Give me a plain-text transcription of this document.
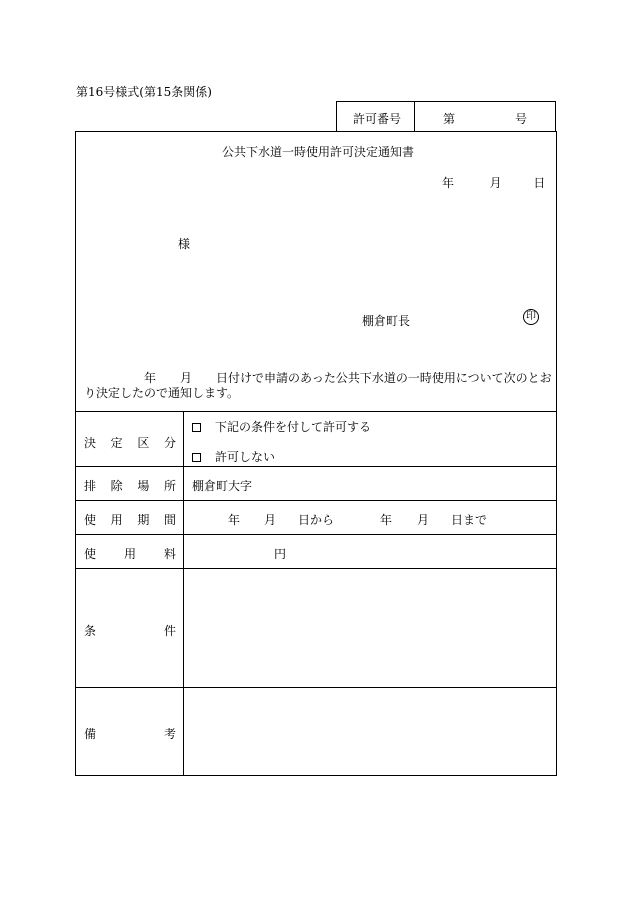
第16号様式(第15条関係)
許可番号	第	号
公共下水道一時使用許可決定通知書
年	月	日
様
棚倉町長	印
年　　月　　日付けで申請のあった公共下水道の一時使用について次のとお
り決定したので通知します。
決 定 区 分
下記の条件を付して許可する
許可しない
排 除 場 所 棚倉町大字
使 用 期 間	年 月 日から	年 月 日まで
使 用 料	円
条	件
備	考
